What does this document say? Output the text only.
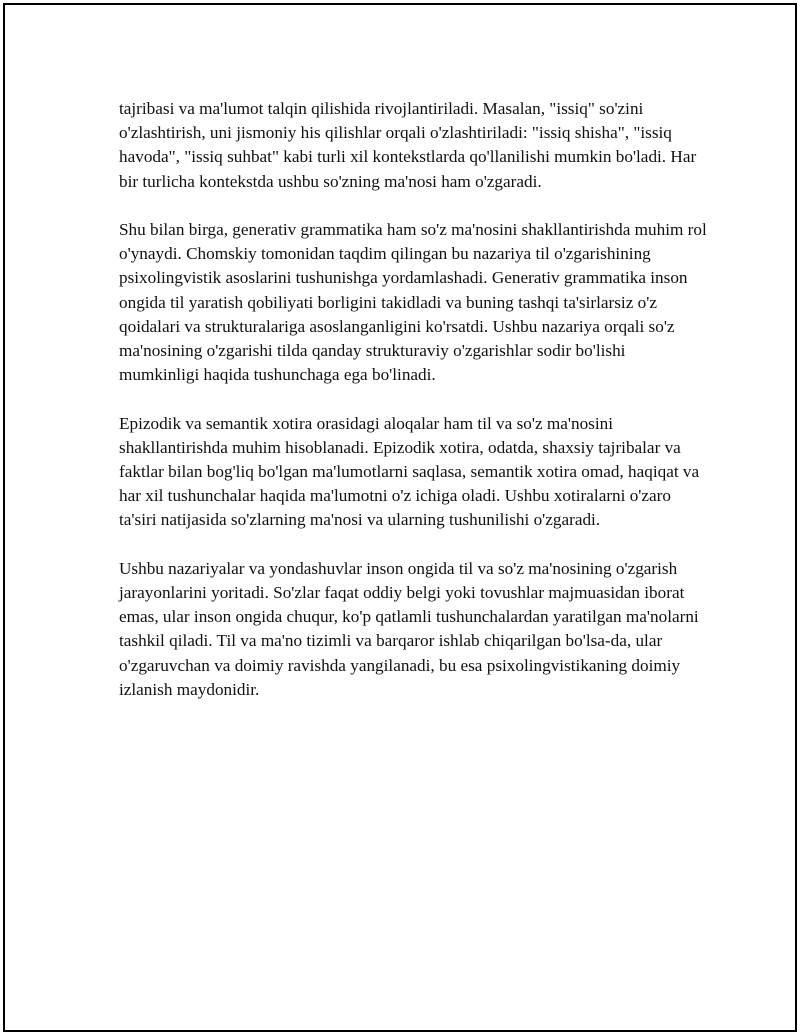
tajribasi va ma'lumot talqin qilishida rivojlantiriladi. Masalan, "issiq" so'zini o'zlashtirish, uni jismoniy his qilishlar orqali o'zlashtiriladi: "issiq shisha", "issiq havoda", "issiq suhbat" kabi turli xil kontekstlarda qo'llanilishi mumkin bo'ladi. Har bir turlicha kontekstda ushbu so'zning ma'nosi ham o'zgaradi.

Shu bilan birga, generativ grammatika ham so'z ma'nosini shakllantirishda muhim rol o'ynaydi. Chomskiy tomonidan taqdim qilingan bu nazariya til o'zgarishining psixolingvistik asoslarini tushunishga yordamlashadi. Generativ grammatika inson ongida til yaratish qobiliyati borligini takidladi va buning tashqi ta'sirlarsiz o'z qoidalari va strukturalariga asoslanganligini ko'rsatdi. Ushbu nazariya orqali so'z ma'nosining o'zgarishi tilda qanday strukturaviy o'zgarishlar sodir bo'lishi mumkinligi haqida tushunchaga ega bo'linadi.

Epizodik va semantik xotira orasidagi aloqalar ham til va so'z ma'nosini shakllantirishda muhim hisoblanadi. Epizodik xotira, odatda, shaxsiy tajribalar va faktlar bilan bog'liq bo'lgan ma'lumotlarni saqlasa, semantik xotira omad, haqiqat va har xil tushunchalar haqida ma'lumotni o'z ichiga oladi. Ushbu xotiralarni o'zaro ta'siri natijasida so'zlarning ma'nosi va ularning tushunilishi o'zgaradi.

Ushbu nazariyalar va yondashuvlar inson ongida til va so'z ma'nosining o'zgarish jarayonlarini yoritadi. So'zlar faqat oddiy belgi yoki tovushlar majmuasidan iborat emas, ular inson ongida chuqur, ko'p qatlamli tushunchalardan yaratilgan ma'nolarni tashkil qiladi. Til va ma'no tizimli va barqaror ishlab chiqarilgan bo'lsa-da, ular o'zgaruvchan va doimiy ravishda yangilanadi, bu esa psixolingvistikaning doimiy izlanish maydonidir.
